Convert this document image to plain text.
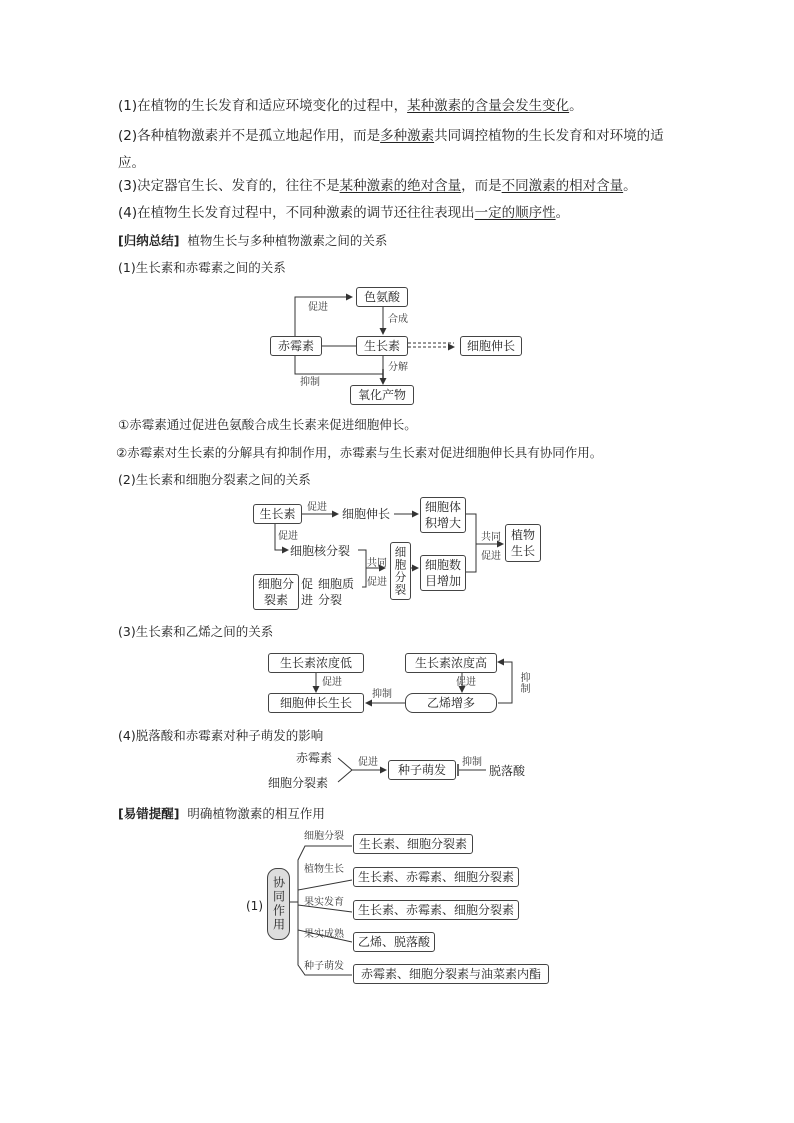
(1)在植物的生长发育和适应环境变化的过程中，某种激素的含量会发生变化。
(2)各种植物激素并不是孤立地起作用，而是多种激素共同调控植物的生长发育和对环境的适应。
(3)决定器官生长、发育的，往往不是某种激素的绝对含量，而是不同激素的相对含量。
(4)在植物生长发育过程中，不同种激素的调节还往往表现出一定的顺序性。
[归纳总结] 植物生长与多种植物激素之间的关系
(1)生长素和赤霉素之间的关系
色氨酸
促进
合成
赤霉素	生长素	细胞伸长
抑制
分解
氧化产物
①赤霉素通过促进色氨酸合成生长素来促进细胞伸长。
②赤霉素对生长素的分解具有抑制作用，赤霉素与生长素对促进细胞伸长具有协同作用。
(2)生长素和细胞分裂素之间的关系
生长素	促进 细胞伸长	细胞体
积增大
促进
细胞核分裂
细胞分
裂素
促
进
细胞质
分裂
共同
促进 细胞分裂 细胞数
目增加
共同
促进
植物
生长
(3)生长素和乙烯之间的关系
生长素浓度低	生长素浓度高
促进	促进
细胞伸长生长
抑制
乙烯增多
抑制
(4)脱落酸和赤霉素对种子萌发的影响
赤霉素
细胞分裂素
促进
种子萌发
抑制
脱落酸
[易错提醒] 明确植物激素的相互作用
(1) 协同作用
细胞分裂
生长素、细胞分裂素
植物生长
生长素、赤霉素、细胞分裂素
果实发育
生长素、赤霉素、细胞分裂素
果实成熟
乙烯、脱落酸
种子萌发
赤霉素、细胞分裂素与油菜素内酯
